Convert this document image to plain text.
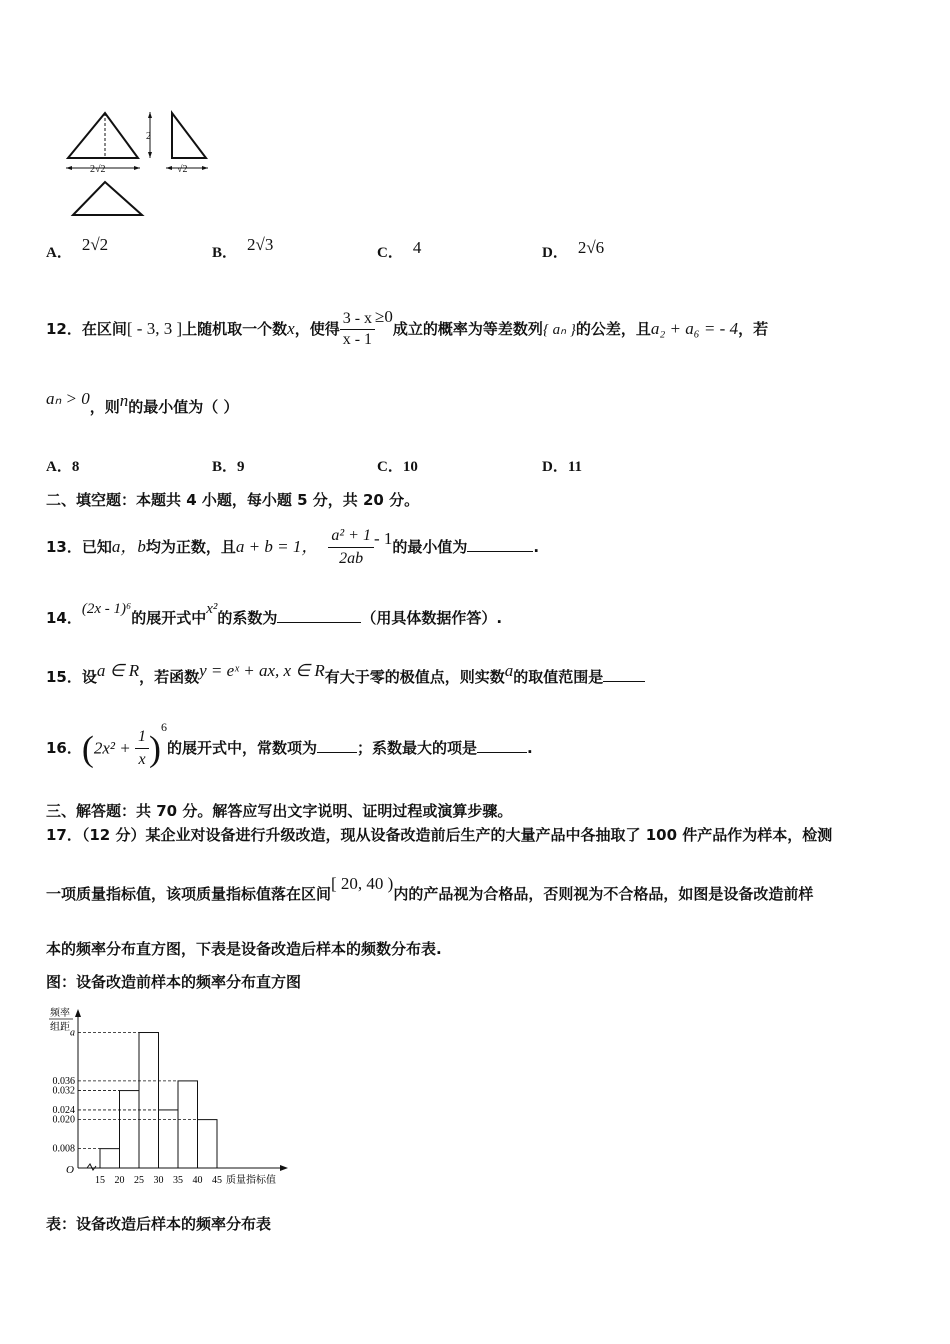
2√2
2
√2
A． 2√2	B． 2√3	C． 4	D． 2√6
12．在区间[ - 3, 3 ]上随机取一个数x，使得 $\frac{3 - x}{x - 1} \ge 0$成立的概率为等差数列{ aₙ }的公差，且a₂ + a₆ = - 4，若
aₙ > 0，则n的最小值为（ ）
A．8	B．9	C．10	D．11
二、填空题：本题共 4 小题，每小题 5 分，共 20 分。
13．已知a，b均为正数，且a + b = 1， $\frac{\text{a² + 1}}{2ab} - 1$的最小值为	.
14．(2x - 1)⁶的展开式中x²的系数为	（用具体数据作答）.
15．设a ∈ R，若函数y = eˣ + ax, x ∈ R有大于零的极值点，则实数a的取值范围是
16．$(2x^2 + \frac{1}{x} )^6$的展开式中，常数项为	；系数最大的项是	.
三、解答题：共 70 分。解答应写出文字说明、证明过程或演算步骤。
17．（12 分）某企业对设备进行升级改造，现从设备改造前后生产的大量产品中各抽取了 100 件产品作为样本，检测
一项质量指标值，该项质量指标值落在区间[ 20, 40 )内的产品视为合格品，否则视为不合格品，如图是设备改造前样
本的频率分布直方图，下表是设备改造后样本的频数分布表.
图：设备改造前样本的频率分布直方图
频率
组距
O
0.008
0.020
0.024
0.032
0.036
a
15 20 25 30 35 40 45 质量指标值
表：设备改造后样本的频率分布表
